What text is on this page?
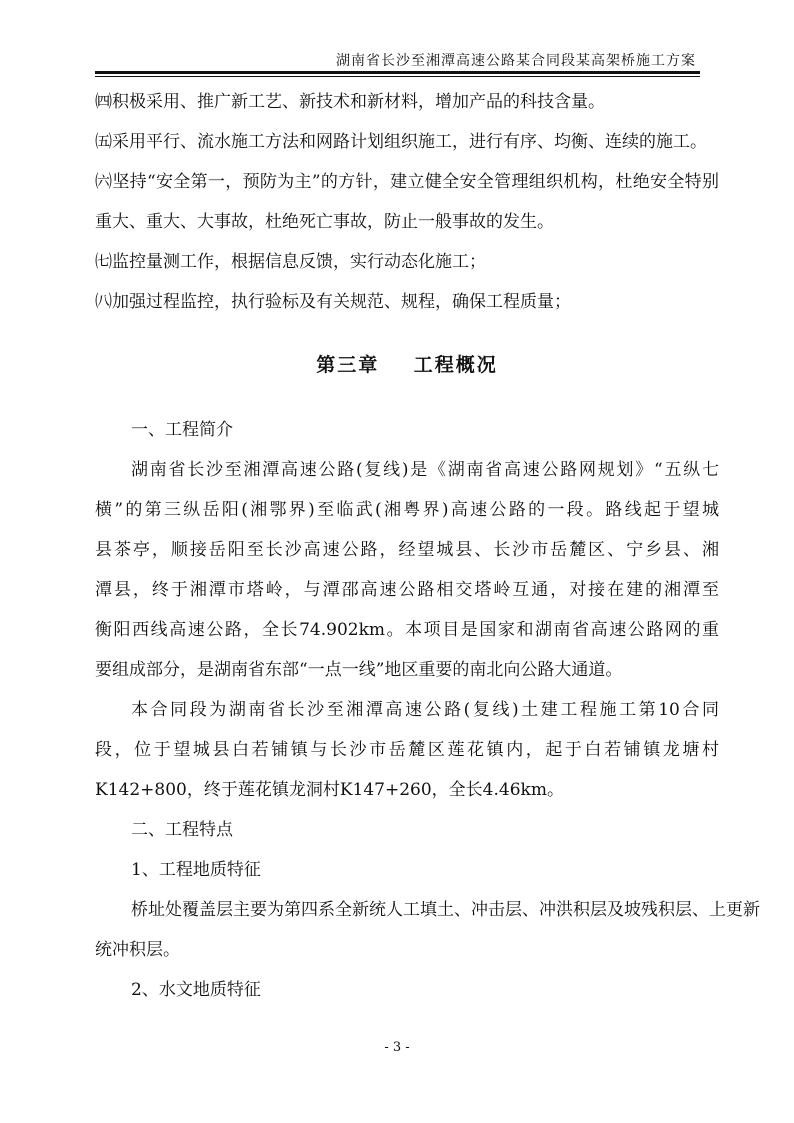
湖南省长沙至湘潭高速公路某合同段某高架桥施工方案
㈣积极采用、推广新工艺、新技术和新材料，增加产品的科技含量。
㈤采用平行、流水施工方法和网路计划组织施工，进行有序、均衡、连续的施工。
㈥坚持“安全第一，预防为主”的方针，建立健全安全管理组织机构，杜绝安全特别
重大、重大、大事故，杜绝死亡事故，防止一般事故的发生。
㈦监控量测工作，根据信息反馈，实行动态化施工；
㈧加强过程监控，执行验标及有关规范、规程，确保工程质量；
第三章    工程概况
一、工程简介
湖南省长沙至湘潭高速公路(复线)是《湖南省高速公路网规划》“五纵七
横”的第三纵岳阳(湘鄂界)至临武(湘粤界)高速公路的一段。路线起于望城
县茶亭，顺接岳阳至长沙高速公路，经望城县、长沙市岳麓区、宁乡县、湘
潭县，终于湘潭市塔岭，与潭邵高速公路相交塔岭互通，对接在建的湘潭至
衡阳西线高速公路，全长74.902km。本项目是国家和湖南省高速公路网的重
要组成部分，是湖南省东部“一点一线”地区重要的南北向公路大通道。
本合同段为湖南省长沙至湘潭高速公路(复线)土建工程施工第10合同
段，位于望城县白若铺镇与长沙市岳麓区莲花镇内，起于白若铺镇龙塘村
K142+800，终于莲花镇龙洞村K147+260，全长4.46km。
二、工程特点
1、工程地质特征
桥址处覆盖层主要为第四系全新统人工填土、冲击层、冲洪积层及坡残积层、上更新
统冲积层。
2、水文地质特征
- 3 -
